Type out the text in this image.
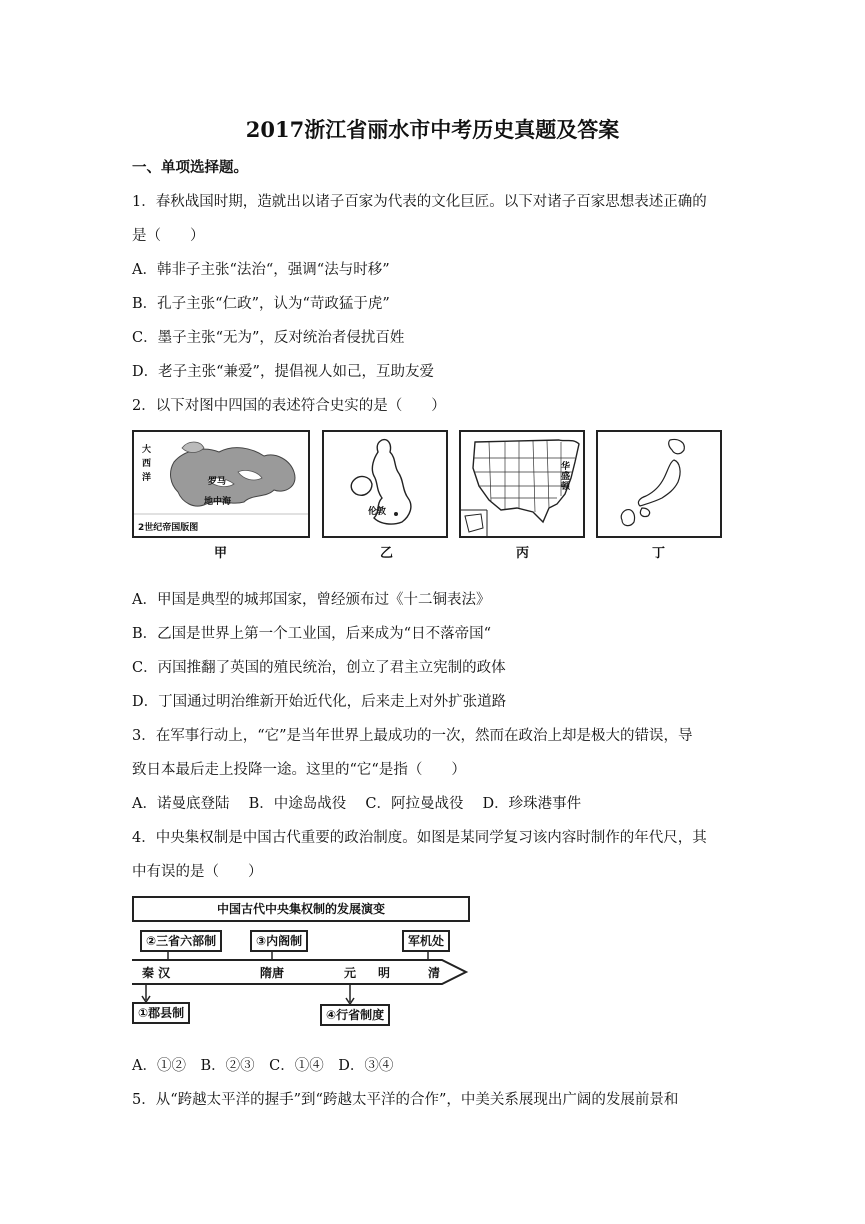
2017浙江省丽水市中考历史真题及答案
一、单项选择题。
1．春秋战国时期，造就出以诸子百家为代表的文化巨匠。以下对诸子百家思想表述正确的
是（　　）
A．韩非子主张“法治“，强调“法与时移”
B．孔子主张“仁政”，认为“苛政猛于虎”
C．墨子主张“无为”，反对统治者侵扰百姓
D．老子主张“兼爱”，提倡视人如己，互助友爱
2．以下对图中四国的表述符合史实的是（　　）
大
西
洋	罗马
地中海
2世纪帝国版图
甲
伦敦
乙
华盛顿
丙	丁
A．甲国是典型的城邦国家，曾经颁布过《十二铜表法》
B．乙国是世界上第一个工业国，后来成为“日不落帝国“
C．丙国推翻了英国的殖民统治，创立了君主立宪制的政体
D．丁国通过明治维新开始近代化，后来走上对外扩张道路
3．在军事行动上，“它”是当年世界上最成功的一次，然而在政治上却是极大的错误，导
致日本最后走上投降一途。这里的“它“是指（　　）
A．诺曼底登陆　 B．中途岛战役　 C．阿拉曼战役　 D．珍珠港事件
4．中央集权制是中国古代重要的政治制度。如图是某同学复习该内容时制作的年代尺，其
中有误的是（　　）
中国古代中央集权制的发展演变
②三省六部制	③内阁制	军机处
秦 汉	隋唐	元 明	清
①郡县制	④行省制度
A．①②　B．②③　C．①④　D．③④
5．从“跨越太平洋的握手”到“跨越太平洋的合作”，中美关系展现出广阔的发展前景和
